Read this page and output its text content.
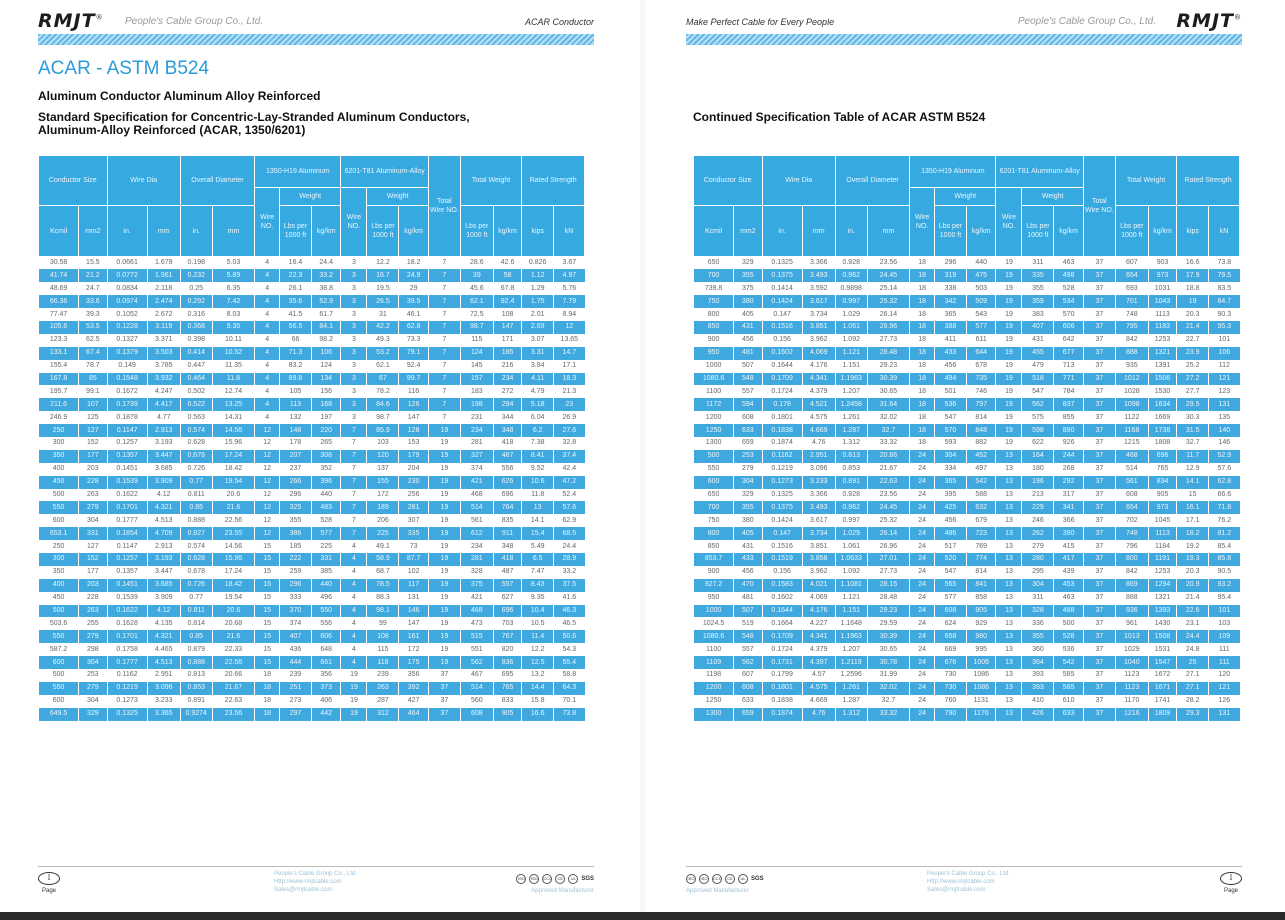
RMJT® People's Cable Group Co., Ltd.	ACAR Conductor
ACAR - ASTM B524
Aluminum Conductor Aluminum Alloy Reinforced
Standard Specification for Concentric-Lay-Stranded Aluminum Conductors,
Aluminum-Alloy Reinforced (ACAR, 1350/6201)
Conductor Size		Wire Dia		Overall Diameter		1350-H19 Aluminum			6201-T81 Aluminum-Alloy			Total Wire NO.	Total Weight		Rated Strength	
						Wire NO.	Weight		Wire NO.	Weight						
Kcmil	mm2	in.	mm	in.	mm		Lbs per 1000 ft	kg/km		Lbs per 1000 ft	kg/km		Lbs per 1000 ft	kg/km	kips	kN
30.58	15.5	0.0661	1.679	0.198	5.03	4	16.4	24.4	3	12.2	18.2	7	28.6	42.6	0.826	3.67
41.74	21.2	0.0772	1.961	0.232	5.89	4	22.3	33.2	3	16.7	24.9	7	39	58	1.12	4.97
48.69	24.7	0.0834	2.118	0.25	6.35	4	26.1	38.8	3	19.5	29	7	45.6	67.8	1.29	5.76
66.36	33.6	0.0974	2.474	0.292	7.42	4	35.6	52.9	3	26.5	39.5	7	62.1	92.4	1.75	7.79
77.47	39.3	0.1052	2.672	0.316	8.03	4	41.5	61.7	3	31	46.1	7	72.5	108	2.01	8.94
105.6	53.5	0.1228	3.119	0.368	9.35	4	56.5	84.1	3	42.2	62.8	7	98.7	147	2.69	12
123.3	62.5	0.1327	3.371	0.398	10.11	4	66	98.2	3	49.3	73.3	7	115	171	3.07	13.65
133.1	67.4	0.1379	3.503	0.414	10.52	4	71.3	106	3	53.2	79.1	7	124	185	3.31	14.7
155.4	78.7	0.149	3.785	0.447	11.35	4	83.2	124	3	62.1	92.4	7	145	216	3.84	17.1
167.8	85	0.1548	3.932	0.464	11.8	4	89.8	134	3	67	99.7	7	157	234	4.11	18.3
195.7	99.1	0.1672	4.247	0.502	12.74	4	105	156	3	78.2	116	7	183	272	4.79	21.3
211.6	107	0.1739	4.417	0.522	13.25	4	113	168	3	84.6	126	7	198	294	5.18	23
246.9	125	0.1878	4.77	0.563	14.31	4	132	197	3	98.7	147	7	231	344	6.04	26.9
250	127	0.1147	2.913	0.574	14.56	12	148	220	7	85.9	128	19	234	348	6.2	27.6
300	152	0.1257	3.193	0.628	15.96	12	178	265	7	103	153	19	281	418	7.38	32.8
350	177	0.1357	3.447	0.678	17.24	12	207	308	7	120	179	19	327	487	8.41	37.4
400	203	0.1451	3.685	0.726	18.42	12	237	352	7	137	204	19	374	556	9.52	42.4
450	228	0.1539	3.909	0.77	19.54	12	266	396	7	155	230	19	421	626	10.6	47.2
500	263	0.1622	4.12	0.811	20.6	12	296	440	7	172	256	19	468	696	11.8	52.4
550	279	0.1701	4.321	0.85	21.6	12	325	483	7	189	281	19	514	764	13	57.6
600	304	0.1777	4.513	0.888	22.56	12	355	528	7	206	307	19	561	835	14.1	62.9
653.1	331	0.1854	4.709	0.927	23.55	12	386	577	7	225	335	19	612	911	15.4	68.5
250	127	0.1147	2.913	0.574	14.56	15	185	225	4	49.1	73	19	234	348	5.49	24.4
300	152	0.1257	3.193	0.628	15.96	15	222	331	4	58.9	87.7	19	281	418	6.5	28.9
350	177	0.1357	3.447	0.678	17.24	15	259	385	4	68.7	102	19	328	487	7.47	33.2
400	203	0.1451	3.685	0.726	18.42	15	296	440	4	78.5	117	19	375	557	8.43	37.5
450	228	0.1539	3.909	0.77	19.54	15	333	496	4	88.3	131	19	421	627	9.35	41.6
500	263	0.1622	4.12	0.811	20.6	15	370	550	4	98.1	146	19	468	696	10.4	46.3
503.6	255	0.1628	4.135	0.814	20.68	15	374	556	4	99	147	19	473	703	10.5	46.5
550	279	0.1701	4.321	0.85	21.6	15	407	606	4	108	161	19	515	767	11.4	50.6
587.2	298	0.1758	4.465	0.879	22.33	15	436	648	4	115	172	19	551	820	12.2	54.3
600	304	0.1777	4.513	0.888	22.56	15	444	661	4	118	175	19	562	836	12.5	55.4
500	253	0.1162	2.951	0.813	20.66	18	239	356	19	239	356	37	467	695	13.2	58.8
550	279	0.1219	3.096	0.853	21.67	18	251	373	19	263	392	37	514	765	14.4	64.3
600	304	0.1273	3.233	0.891	22.63	18	273	406	19	287	427	37	560	833	15.8	70.1
649.5	329	0.1325	3.365	0.9274	23.56	18	297	442	19	312	464	37	608	905	16.6	73.8
I
Page
People's Cable Group Co., Ltd.
Http://www.rmjtcable.com
Sales@rmjtcable.com
ISO	ISO	CCC	CE	UL SGS
Approved Manufacturer
Make Perfect Cable for Every People	People's Cable Group Co., Ltd. RMJT®
Continued Specification Table of ACAR ASTM B524
Conductor Size		Wire Dia		Overall Diameter		1350-H19 Aluminum			6201-T81 Aluminum-Alloy			Total Wire NO.	Total Weight		Rated Strength	
						Wire NO.	Weight		Wire NO.	Weight						
Kcmil	mm2	in.	mm	in.	mm		Lbs per 1000 ft	kg/km		Lbs per 1000 ft	kg/km		Lbs per 1000 ft	kg/km	kips	kN
650	329	0.1325	3.366	0.928	23.56	18	296	440	19	311	463	37	607	903	16.6	73.8
700	355	0.1375	3.493	0.962	24.45	18	319	475	19	335	498	37	654	973	17.9	79.5
739.8	375	0.1414	3.592	0.9898	25.14	18	338	503	19	355	528	37	693	1031	18.8	83.5
750	380	0.1424	3.617	0.997	25.32	18	342	509	19	359	534	37	701	1043	19	84.7
800	405	0.147	3.734	1.029	26.14	18	365	543	19	383	570	37	748	1113	20.3	90.3
850	431	0.1516	3.851	1.061	26.96	18	388	577	19	407	606	37	795	1183	21.4	95.3
900	456	0.156	3.962	1.092	27.73	18	411	611	19	431	642	37	842	1253	22.7	101
950	481	0.1602	4.069	1.121	28.48	18	433	644	19	455	677	37	888	1321	23.9	106
1000	507	0.1644	4.176	1.151	29.23	18	456	678	19	479	713	37	935	1391	25.2	112
1080.6	548	0.1709	4.341	1.1963	30.39	18	494	735	19	518	771	37	1012	1506	27.2	121
1100	557	0.1724	4.379	1.207	30.65	18	501	746	19	547	784	37	1028	1530	27.7	123
1172	594	0.178	4.521	1.2458	31.64	18	536	797	19	562	837	37	1098	1634	29.5	131
1200	608	0.1801	4.575	1.261	32.02	18	547	814	19	575	855	37	1122	1669	30.3	135
1250	633	0.1838	4.669	1.287	32.7	18	570	848	19	598	890	37	1168	1738	31.5	140
1300	659	0.1874	4.76	1.312	33.32	18	593	882	19	622	926	37	1215	1808	32.7	146
500	253	0.1162	2.951	0.813	20.66	24	304	452	13	164	244	37	468	696	11.7	52.9
550	279	0.1219	3.096	0.853	21.67	24	334	497	13	180	268	37	514	765	12.9	57.6
600	304	0.1273	3.233	0.891	22.63	24	365	542	13	196	292	37	561	834	14.1	62.8
650	329	0.1325	3.366	0.928	23.56	24	395	588	13	213	317	37	608	905	15	66.6
700	355	0.1375	3.493	0.962	24.45	24	425	632	13	229	341	37	654	973	16.1	71.8
750	380	0.1424	3.617	0.997	25.32	24	456	679	13	246	366	37	702	1045	17.1	76.2
800	405	0.147	3.734	1.029	26.14	24	486	723	13	262	390	37	748	1113	18.2	81.2
850	431	0.1516	3.851	1.061	26.96	24	517	769	13	279	415	37	796	1184	19.2	85.4
853.7	433	0.1519	3.858	1.0633	27.01	24	520	774	13	280	417	37	800	1191	19.3	85.8
900	456	0.156	3.962	1.092	27.73	24	547	814	13	295	439	37	842	1253	20.3	90.5
927.2	470	0.1583	4.021	1.1081	28.15	24	565	841	13	304	453	37	869	1294	20.9	93.2
950	481	0.1602	4.069	1.121	28.48	24	577	858	13	311	463	37	888	1321	21.4	95.4
1000	507	0.1644	4.176	1.151	29.23	24	608	905	13	328	488	37	936	1393	22.6	101
1024.5	519	0.1664	4.227	1.1648	29.59	24	624	929	13	336	500	37	961	1430	23.1	103
1080.6	548	0.1709	4.341	1.1963	30.39	24	658	980	13	355	528	37	1013	1508	24.4	109
1100	557	0.1724	4.379	1.207	30.65	24	669	995	13	360	536	37	1029	1531	24.8	111
1109	562	0.1731	4.397	1.2119	30.78	24	676	1006	13	364	542	37	1040	1547	25	111
1198	607	0.1799	4.57	1.2596	31.99	24	730	1086	13	393	585	37	1123	1672	27.1	120
1200	608	0.1801	4.575	1.261	32.02	24	730	1086	13	393	585	37	1123	1671	27.1	121
1250	633	0.1838	4.669	1.287	32.7	24	760	1131	13	410	610	37	1170	1741	28.2	126
1300	659	0.1874	4.76	1.312	33.32	24	790	1176	13	426	633	37	1216	1809	29.3	131
ISO	ISO	CCC	CE	UL SGS
Approved Manufacturer
People's Cable Group Co., Ltd.
Http://www.rmjtcable.com
Sales@rmjtcable.com
I
Page
